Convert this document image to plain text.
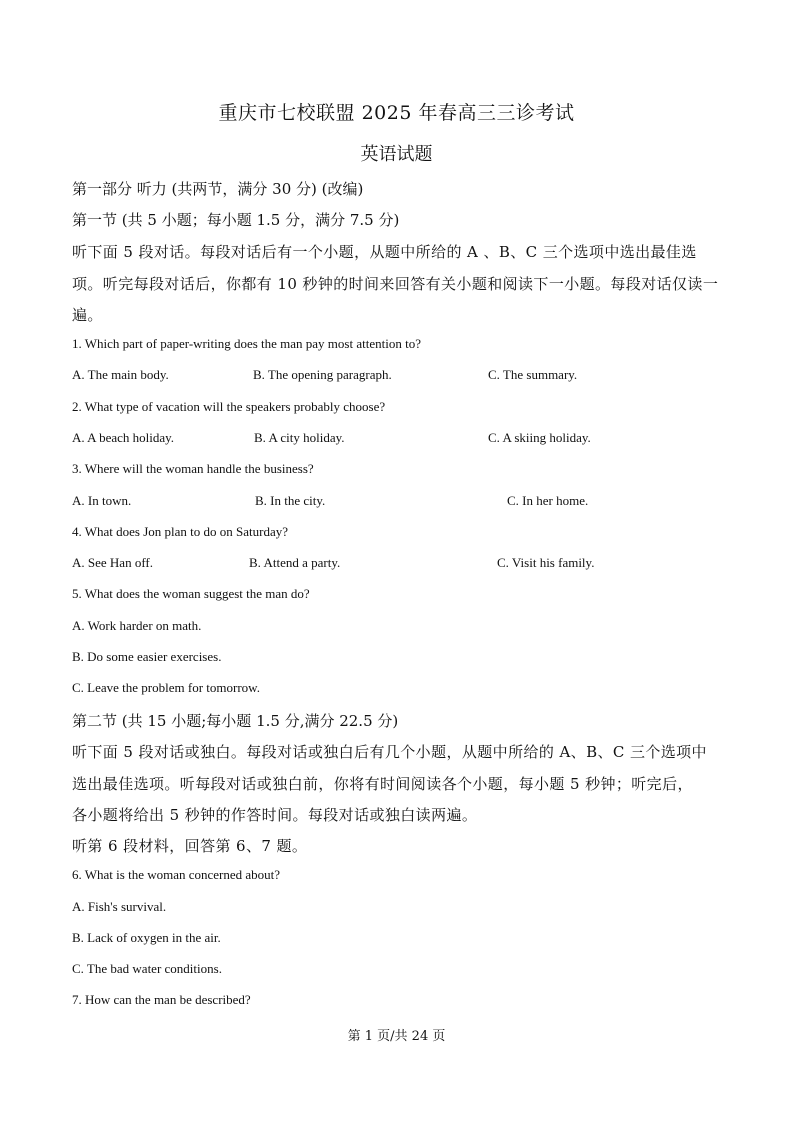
重庆市七校联盟 2025 年春高三三诊考试
英语试题
第一部分 听力 (共两节，满分 30 分) (改编)
第一节 (共 5 小题；每小题 1.5 分，满分 7.5 分)
听下面 5 段对话。每段对话后有一个小题，从题中所给的 A 、B、C 三个选项中选出最佳选
项。听完每段对话后，你都有 10 秒钟的时间来回答有关小题和阅读下一小题。每段对话仅读一
遍。
1. Which part of paper-writing does the man pay most attention to?
A. The main body.	B. The opening paragraph.	C. The summary.
2. What type of vacation will the speakers probably choose?
A. A beach holiday.	B. A city holiday.	C. A skiing holiday.
3. Where will the woman handle the business?
A. In town.	B. In the city.	C. In her home.
4. What does Jon plan to do on Saturday?
A. See Han off.	B. Attend a party.	C. Visit his family.
5. What does the woman suggest the man do?
A. Work harder on math.
B. Do some easier exercises.
C. Leave the problem for tomorrow.
第二节 (共 15 小题;每小题 1.5 分,满分 22.5 分)
听下面 5 段对话或独白。每段对话或独白后有几个小题，从题中所给的 A、B、C 三个选项中
选出最佳选项。听每段对话或独白前，你将有时间阅读各个小题，每小题 5 秒钟；听完后，
各小题将给出 5 秒钟的作答时间。每段对话或独白读两遍。
听第 6 段材料，回答第 6、7 题。
6. What is the woman concerned about?
A. Fish's survival.
B. Lack of oxygen in the air.
C. The bad water conditions.
7. How can the man be described?
第 1 页/共 24 页
